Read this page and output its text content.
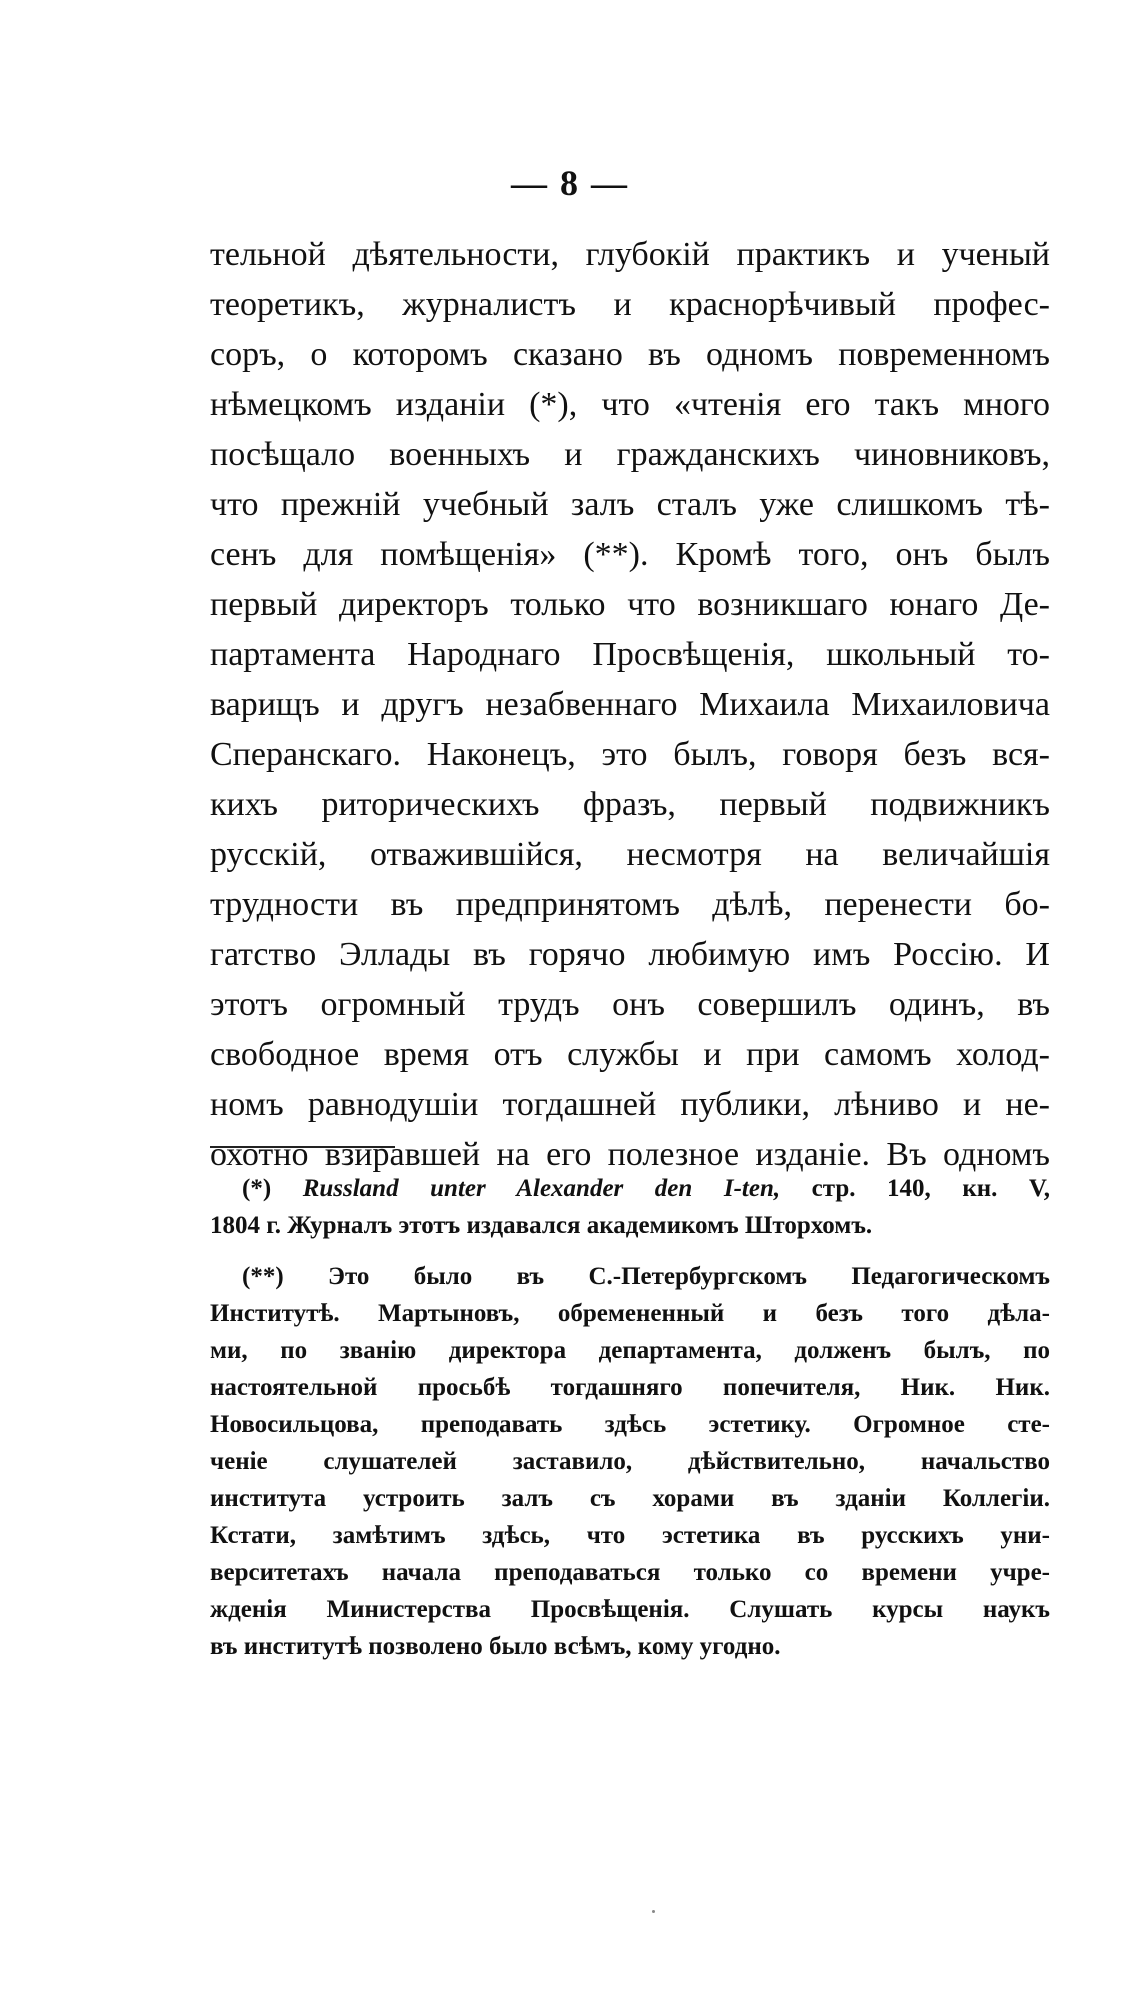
— 8 —
тельной дѣятельности, глубокій практикъ и ученый
теоретикъ, журналистъ и краснорѣчивый профес-
соръ, о которомъ сказано въ одномъ повременномъ
нѣмецкомъ изданіи (*), что «чтенія его такъ много
посѣщало военныхъ и гражданскихъ чиновниковъ,
что прежній учебный залъ сталъ уже слишкомъ тѣ-
сенъ для помѣщенія» (**). Кромѣ того, онъ былъ
первый директоръ только что возникшаго юнаго Де-
партамента Народнаго Просвѣщенія, школьный то-
варищъ и другъ незабвеннаго Михаила Михаиловича
Сперанскаго. Наконецъ, это былъ, говоря безъ вся-
кихъ риторическихъ фразъ, первый подвижникъ
русскій, отважившійся, несмотря на величайшія
трудности въ предпринятомъ дѣлѣ, перенести бо-
гатство Эллады въ горячо любимую имъ Россію. И
этотъ огромный трудъ онъ совершилъ одинъ, въ
свободное время отъ службы и при самомъ холод-
номъ равнодушіи тогдашней публики, лѣниво и не-
охотно взиравшей на его полезное изданіе. Въ одномъ
(*) Russland unter Alexander den I-ten, стр. 140, кн. V,
1804 г. Журналъ этотъ издавался академикомъ Шторхомъ.
(**) Это было въ С.-Петербургскомъ Педагогическомъ
Институтѣ. Мартыновъ, обремененный и безъ того дѣла-
ми, по званію директора департамента, долженъ былъ, по
настоятельной просьбѣ тогдашняго попечителя, Ник. Ник.
Новосильцова, преподавать здѣсь эстетику. Огромное сте-
ченіе слушателей заставило, дѣйствительно, начальство
института устроить залъ съ хорами въ зданіи Коллегіи.
Кстати, замѣтимъ здѣсь, что эстетика въ русскихъ уни-
верситетахъ начала преподаваться только со времени учре-
жденія Министерства Просвѣщенія. Слушать курсы наукъ
въ институтѣ позволено было всѣмъ, кому угодно.
